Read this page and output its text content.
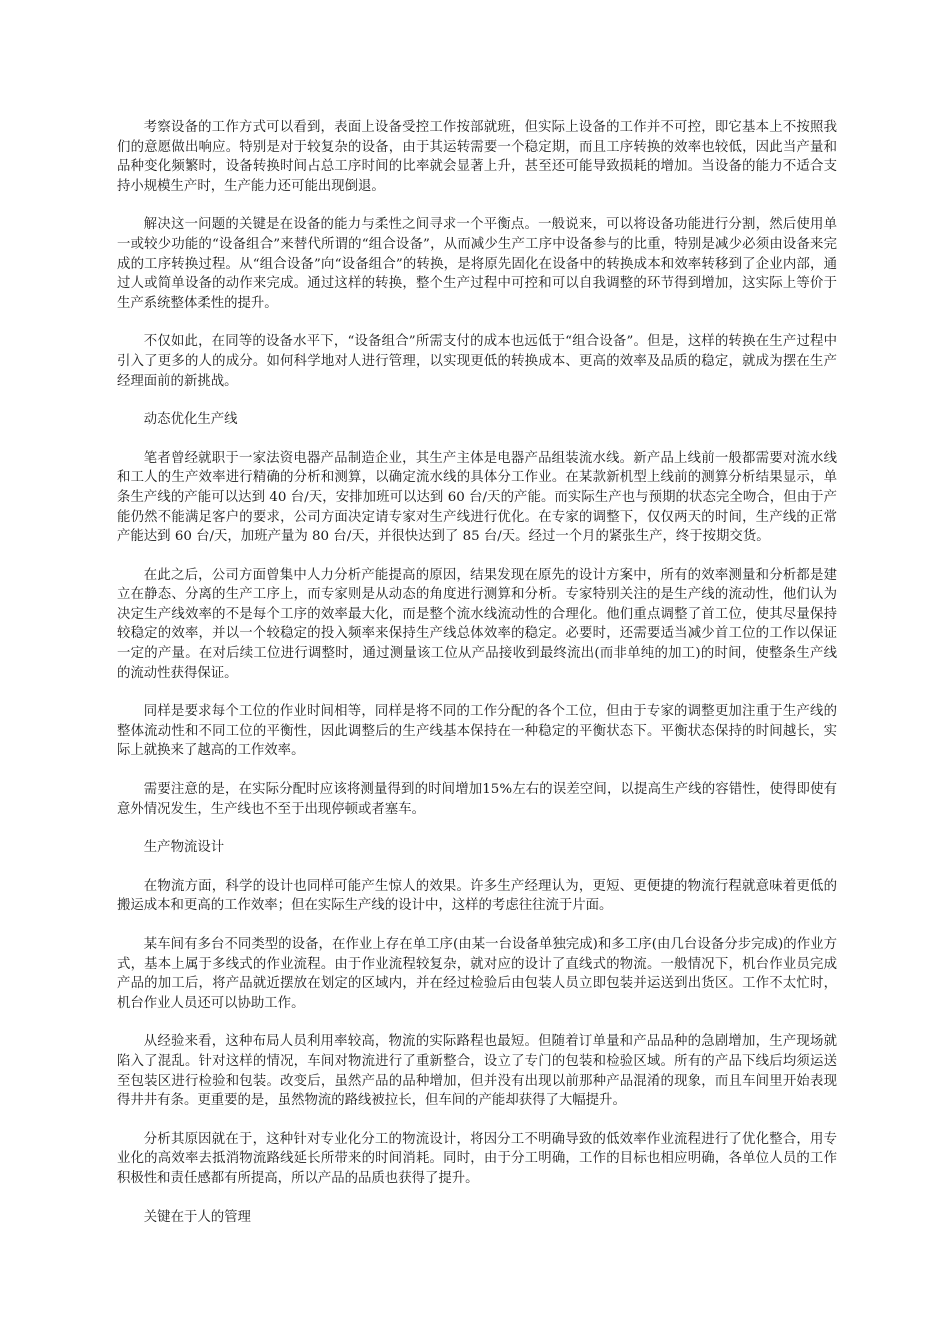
考察设备的工作方式可以看到，表面上设备受控工作按部就班，但实际上设备的工作并不可控，即它基本上不按照我们的意愿做出响应。特别是对于较复杂的设备，由于其运转需要一个稳定期，而且工序转换的效率也较低，因此当产量和品种变化频繁时，设备转换时间占总工序时间的比率就会显著上升，甚至还可能导致损耗的增加。当设备的能力不适合支持小规模生产时，生产能力还可能出现倒退。

解决这一问题的关键是在设备的能力与柔性之间寻求一个平衡点。一般说来，可以将设备功能进行分割，然后使用单一或较少功能的“设备组合”来替代所谓的“组合设备”，从而减少生产工序中设备参与的比重，特别是减少必须由设备来完成的工序转换过程。从“组合设备”向“设备组合”的转换，是将原先固化在设备中的转换成本和效率转移到了企业内部，通过人或简单设备的动作来完成。通过这样的转换，整个生产过程中可控和可以自我调整的环节得到增加，这实际上等价于生产系统整体柔性的提升。

不仅如此，在同等的设备水平下，“设备组合”所需支付的成本也远低于“组合设备”。但是，这样的转换在生产过程中引入了更多的人的成分。如何科学地对人进行管理，以实现更低的转换成本、更高的效率及品质的稳定，就成为摆在生产经理面前的新挑战。

动态优化生产线

笔者曾经就职于一家法资电器产品制造企业，其生产主体是电器产品组装流水线。新产品上线前一般都需要对流水线和工人的生产效率进行精确的分析和测算，以确定流水线的具体分工作业。在某款新机型上线前的测算分析结果显示，单条生产线的产能可以达到 40 台/天，安排加班可以达到 60 台/天的产能。而实际生产也与预期的状态完全吻合，但由于产能仍然不能满足客户的要求，公司方面决定请专家对生产线进行优化。在专家的调整下，仅仅两天的时间，生产线的正常产能达到 60 台/天，加班产量为 80 台/天，并很快达到了 85 台/天。经过一个月的紧张生产，终于按期交货。

在此之后，公司方面曾集中人力分析产能提高的原因，结果发现在原先的设计方案中，所有的效率测量和分析都是建立在静态、分离的生产工序上，而专家则是从动态的角度进行测算和分析。专家特别关注的是生产线的流动性，他们认为决定生产线效率的不是每个工序的效率最大化，而是整个流水线流动性的合理化。他们重点调整了首工位，使其尽量保持较稳定的效率，并以一个较稳定的投入频率来保持生产线总体效率的稳定。必要时，还需要适当减少首工位的工作以保证一定的产量。在对后续工位进行调整时，通过测量该工位从产品接收到最终流出(而非单纯的加工)的时间，使整条生产线的流动性获得保证。

同样是要求每个工位的作业时间相等，同样是将不同的工作分配的各个工位，但由于专家的调整更加注重于生产线的整体流动性和不同工位的平衡性，因此调整后的生产线基本保持在一种稳定的平衡状态下。平衡状态保持的时间越长，实际上就换来了越高的工作效率。

需要注意的是，在实际分配时应该将测量得到的时间增加15%左右的误差空间，以提高生产线的容错性，使得即使有意外情况发生，生产线也不至于出现停顿或者塞车。

生产物流设计

在物流方面，科学的设计也同样可能产生惊人的效果。许多生产经理认为，更短、更便捷的物流行程就意味着更低的搬运成本和更高的工作效率；但在实际生产线的设计中，这样的考虑往往流于片面。

某车间有多台不同类型的设备，在作业上存在单工序(由某一台设备单独完成)和多工序(由几台设备分步完成)的作业方式，基本上属于多线式的作业流程。由于作业流程较复杂，就对应的设计了直线式的物流。一般情况下，机台作业员完成产品的加工后，将产品就近摆放在划定的区域内，并在经过检验后由包装人员立即包装并运送到出货区。工作不太忙时，机台作业人员还可以协助工作。

从经验来看，这种布局人员利用率较高，物流的实际路程也最短。但随着订单量和产品品种的急剧增加，生产现场就陷入了混乱。针对这样的情况，车间对物流进行了重新整合，设立了专门的包装和检验区域。所有的产品下线后均须运送至包装区进行检验和包装。改变后，虽然产品的品种增加，但并没有出现以前那种产品混淆的现象，而且车间里开始表现得井井有条。更重要的是，虽然物流的路线被拉长，但车间的产能却获得了大幅提升。

分析其原因就在于，这种针对专业化分工的物流设计，将因分工不明确导致的低效率作业流程进行了优化整合，用专业化的高效率去抵消物流路线延长所带来的时间消耗。同时，由于分工明确，工作的目标也相应明确，各单位人员的工作积极性和责任感都有所提高，所以产品的品质也获得了提升。

关键在于人的管理
